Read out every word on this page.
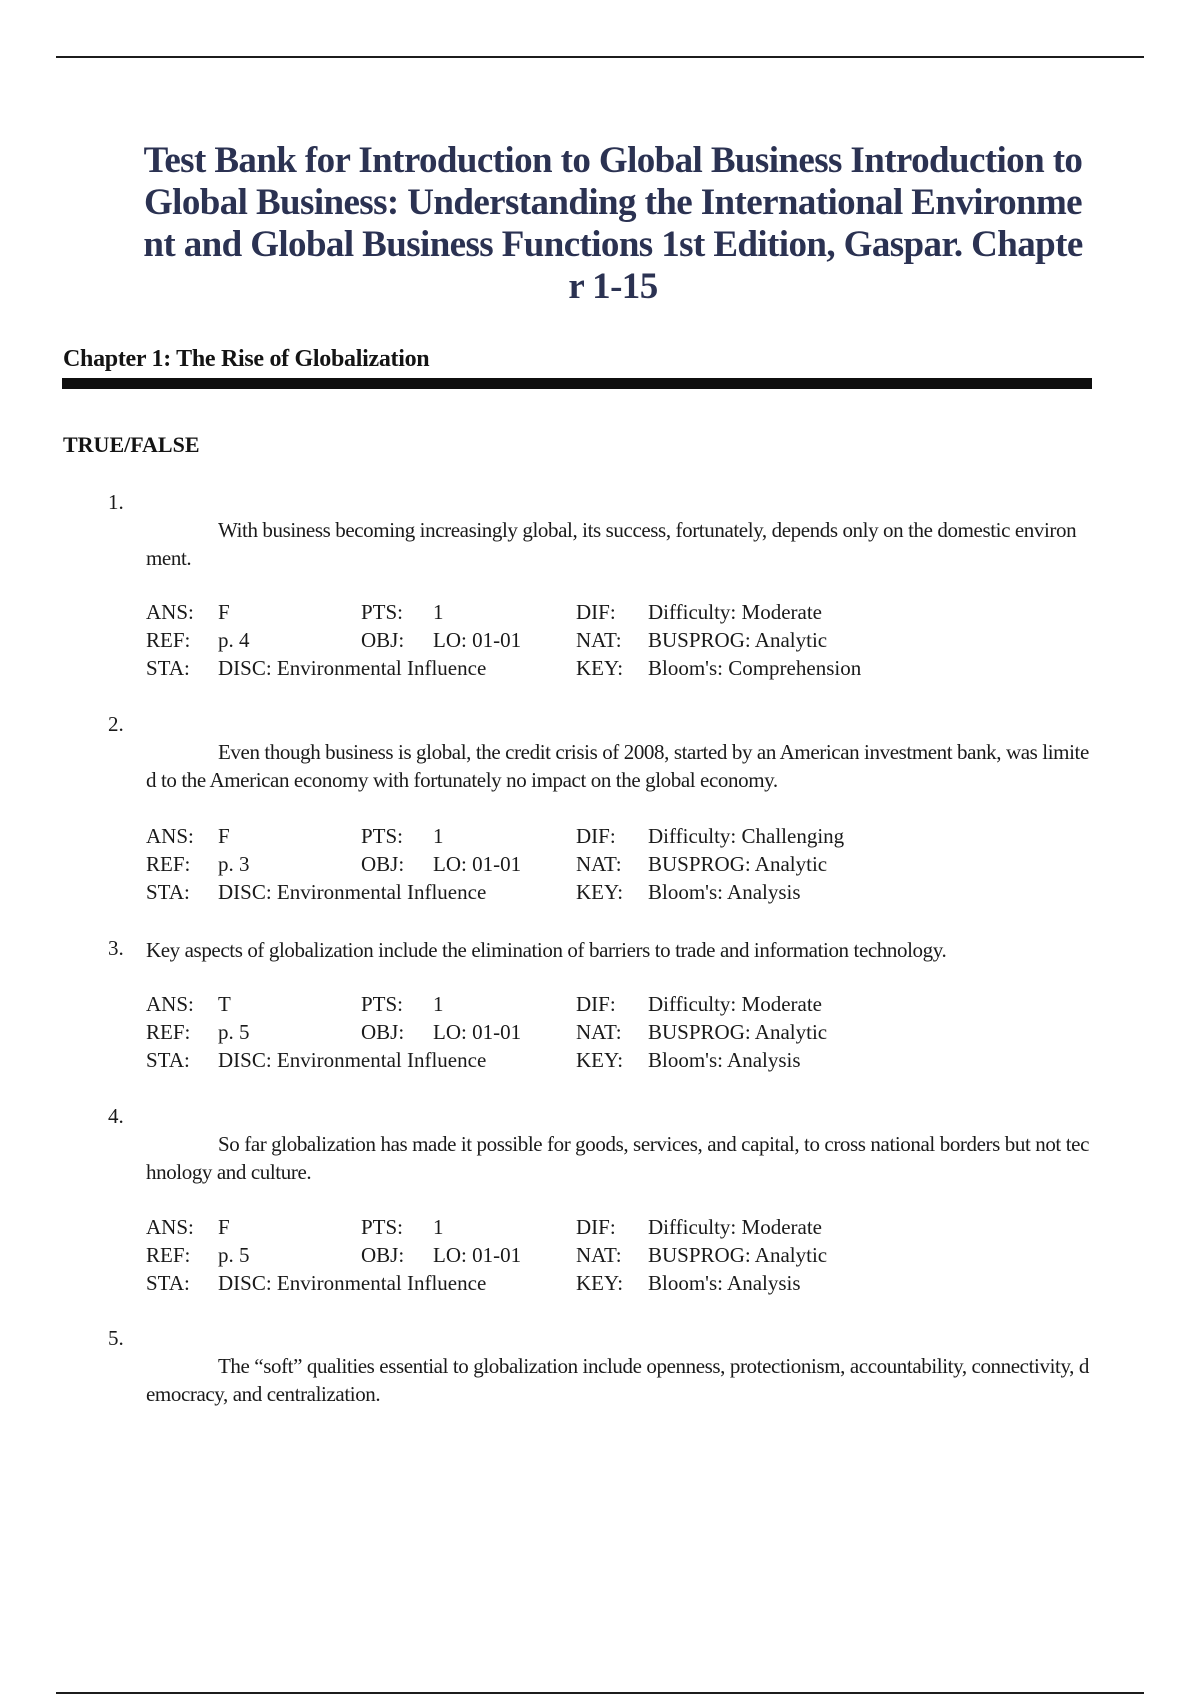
Test Bank for Introduction to Global Business Introduction to Global Business: Understanding the International Environment and Global Business Functions 1st Edition, Gaspar. Chapter 1-15
Chapter 1: The Rise of Globalization
TRUE/FALSE
1.
With business becoming increasingly global, its success, fortunately, depends only on the domestic environment.
ANS:	F	PTS:	1	DIF:	Difficulty: Moderate
REF:	p. 4	OBJ:	LO: 01-01	NAT:	BUSPROG: Analytic
STA:	DISC: Environmental Influence	KEY:	Bloom's: Comprehension
2.
Even though business is global, the credit crisis of 2008, started by an American investment bank, was limited to the American economy with fortunately no impact on the global economy.
ANS:	F	PTS:	1	DIF:	Difficulty: Challenging
REF:	p. 3	OBJ:	LO: 01-01	NAT:	BUSPROG: Analytic
STA:	DISC: Environmental Influence	KEY:	Bloom's: Analysis
3. Key aspects of globalization include the elimination of barriers to trade and information technology.
ANS:	T	PTS:	1	DIF:	Difficulty: Moderate
REF:	p. 5	OBJ:	LO: 01-01	NAT:	BUSPROG: Analytic
STA:	DISC: Environmental Influence	KEY:	Bloom's: Analysis
4.
So far globalization has made it possible for goods, services, and capital, to cross national borders but not technology and culture.
ANS:	F	PTS:	1	DIF:	Difficulty: Moderate
REF:	p. 5	OBJ:	LO: 01-01	NAT:	BUSPROG: Analytic
STA:	DISC: Environmental Influence	KEY:	Bloom's: Analysis
5.
The “soft” qualities essential to globalization include openness, protectionism, accountability, connectivity, democracy, and centralization.
